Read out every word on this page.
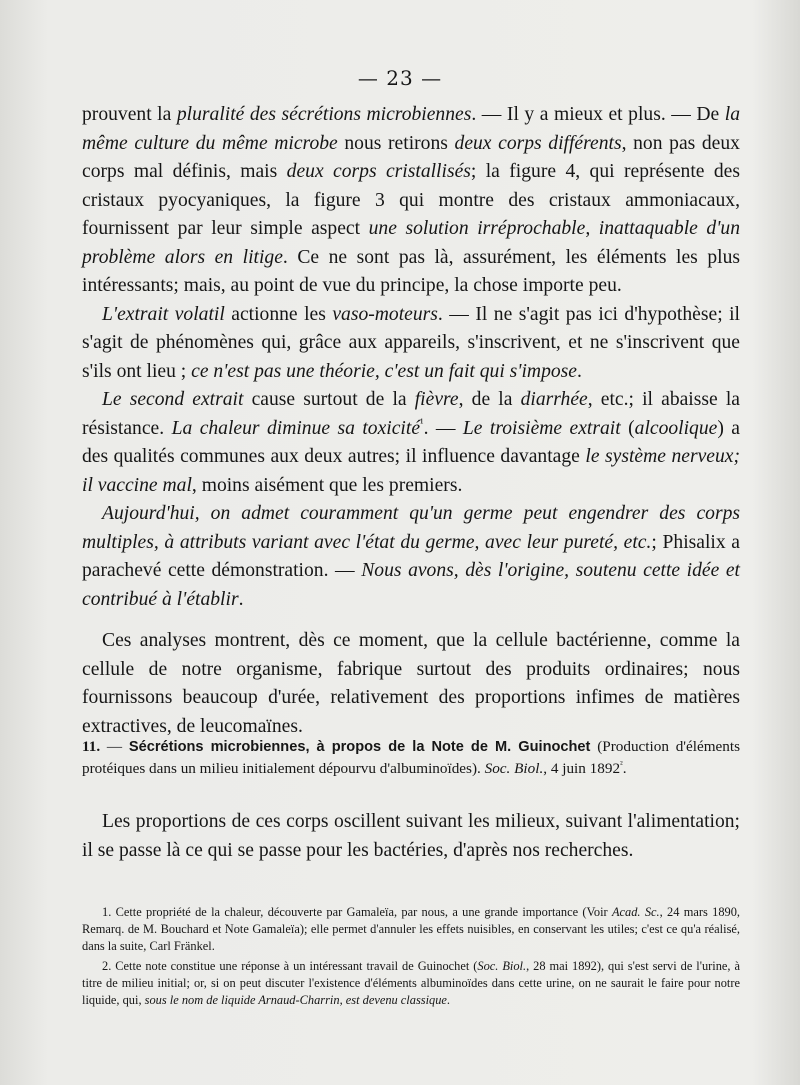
— 23 —

prouvent la pluralité des sécrétions microbiennes. — Il y a mieux et plus. — De la même culture du même microbe nous retirons deux corps différents, non pas deux corps mal définis, mais deux corps cristallisés; la figure 4, qui représente des cristaux pyocyaniques, la figure 3 qui montre des cristaux ammoniacaux, fournissent par leur simple aspect une solution irréprochable, inattaquable d'un problème alors en litige. Ce ne sont pas là, assurément, les éléments les plus intéressants; mais, au point de vue du principe, la chose importe peu.

L'extrait volatil actionne les vaso-moteurs. — Il ne s'agit pas ici d'hypothèse; il s'agit de phénomènes qui, grâce aux appareils, s'inscrivent, et ne s'inscrivent que s'ils ont lieu ; ce n'est pas une théorie, c'est un fait qui s'impose.

Le second extrait cause surtout de la fièvre, de la diarrhée, etc.; il abaisse la résistance. La chaleur diminue sa toxicité$^{^1}$. — Le troisième extrait (alcoolique) a des qualités communes aux deux autres; il influence davantage le système nerveux; il vaccine mal, moins aisément que les premiers.

Aujourd'hui, on admet couramment qu'un germe peut engendrer des corps multiples, à attributs variant avec l'état du germe, avec leur pureté, etc.; Phisalix a parachevé cette démonstration. — Nous avons, dès l'origine, soutenu cette idée et contribué à l'établir.

Ces analyses montrent, dès ce moment, que la cellule bactérienne, comme la cellule de notre organisme, fabrique surtout des produits ordinaires; nous fournissons beaucoup d'urée, relativement des proportions infimes de matières extractives, de leucomaïnes.

11. — Sécrétions microbiennes, à propos de la Note de M. Guinochet (Production d'éléments protéiques dans un milieu initialement dépourvu d'albuminoïdes). Soc. Biol., 4 juin $1892^{^2}$.

Les proportions de ces corps oscillent suivant les milieux, suivant l'alimentation; il se passe là ce qui se passe pour les bactéries, d'après nos recherches.

1. Cette propriété de la chaleur, découverte par Gamaleïa, par nous, a une grande importance (Voir Acad. Sc., 24 mars 1890, Remarq. de M. Bouchard et Note Gamaleïa); elle permet d'annuler les effets nuisibles, en conservant les utiles; c'est ce qu'a réalisé, dans la suite, Carl Fränkel.

2. Cette note constitue une réponse à un intéressant travail de Guinochet (Soc. Biol., 28 mai 1892), qui s'est servi de l'urine, à titre de milieu initial; or, si on peut discuter l'existence d'éléments albuminoïdes dans cette urine, on ne saurait le faire pour notre liquide, qui, sous le nom de liquide Arnaud-Charrin, est devenu classique.
